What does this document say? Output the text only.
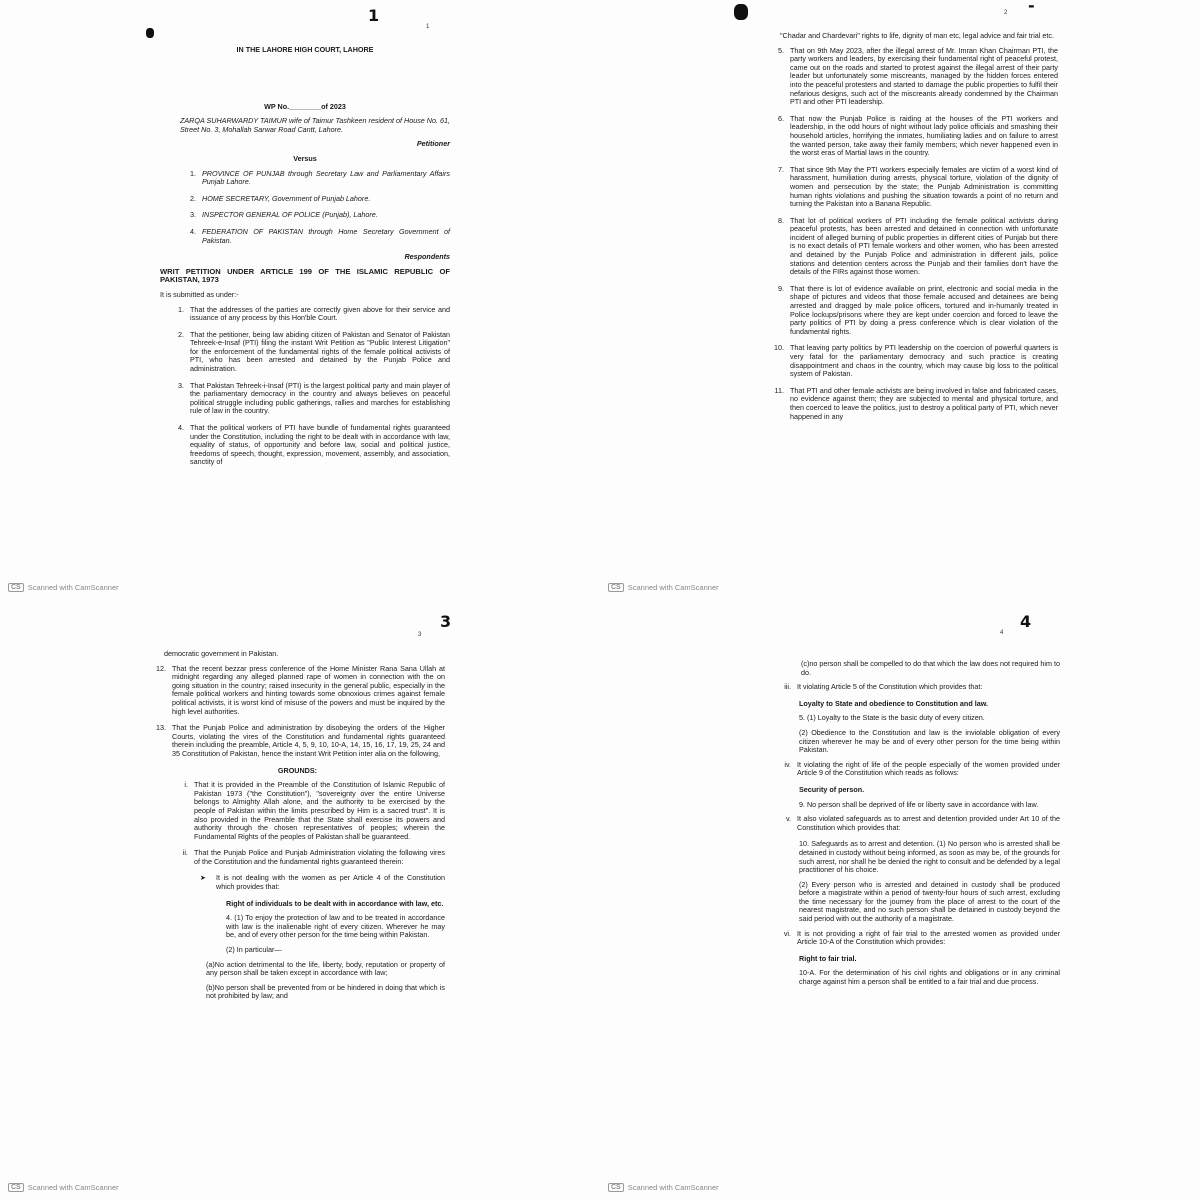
1
1

IN THE LAHORE HIGH COURT, LAHORE

WP No.________of 2023

ZARQA SUHARWARDY TAIMUR wife of Taimur Tashkeen resident of House No. 61, Street No. 3, Mohallah Sarwar Road Cantt, Lahore.

Petitioner

Versus

1. PROVINCE OF PUNJAB through Secretary Law and Parliamentary Affairs Punjab Lahore.
2. HOME SECRETARY, Government of Punjab Lahore.
3. INSPECTOR GENERAL OF POLICE (Punjab), Lahore.
4. FEDERATION OF PAKISTAN through Home Secretary Government of Pakistan.

Respondents

WRIT PETITION UNDER ARTICLE 199 OF THE ISLAMIC REPUBLIC OF PAKISTAN, 1973

It is submitted as under:-

1. That the addresses of the parties are correctly given above for their service and issuance of any process by this Hon'ble Court.
2. That the petitioner, being law abiding citizen of Pakistan and Senator of Pakistan Tehreek-e-Insaf (PTI) filing the instant Writ Petition as "Public Interest Litigation" for the enforcement of the fundamental rights of the female political activists of PTI, who has been arrested and detained by the Punjab Police and administration.
3. That Pakistan Tehreek-i-Insaf (PTI) is the largest political party and main player of the parliamentary democracy in the country and always believes on peaceful political struggle including public gatherings, rallies and marches for establishing rule of law in the country.
4. That the political workers of PTI have bundle of fundamental rights guaranteed under the Constitution, including the right to be dealt with in accordance with law, equality of status, of opportunity and before law, social and political justice, freedoms of speech, thought, expression, movement, assembly, and association, sanctity of
CS Scanned with CamScanner
-
2

"Chadar and Chardevari" rights to life, dignity of man etc, legal advice and fair trial etc.

5. That on 9th May 2023, after the illegal arrest of Mr. Imran Khan Chairman PTI, the party workers and leaders, by exercising their fundamental right of peaceful protest, came out on the roads and started to protest against the illegal arrest of their party leader but unfortunately some miscreants, managed by the hidden forces entered into the peaceful protesters and started to damage the public properties to fulfil their nefarious designs, such act of the miscreants already condemned by the Chairman PTI and other PTI leadership.
6. That now the Punjab Police is raiding at the houses of the PTI workers and leadership, in the odd hours of night without lady police officials and smashing their household articles, horrifying the inmates, humiliating ladies and on failure to arrest the wanted person, take away their family members; which never happened even in the worst eras of Martial laws in the country.
7. That since 9th May the PTI workers especially females are victim of a worst kind of harassment, humiliation during arrests, physical torture, violation of the dignity of women and persecution by the state; the Punjab Administration is committing human rights violations and pushing the situation towards a point of no return and turning the Pakistan into a Banana Republic.
8. That lot of political workers of PTI including the female political activists during peaceful protests, has been arrested and detained in connection with unfortunate incident of alleged burning of public properties in different cities of Punjab but there is no exact details of PTI female workers and other women, who has been arrested and detained by the Punjab Police and administration in different jails, police stations and detention centers across the Punjab and their families don't have the details of the FIRs against those women.
9. That there is lot of evidence available on print, electronic and social media in the shape of pictures and videos that those female accused and detainees are being arrested and dragged by male police officers, tortured and in-humanly treated in Police lockups/prisons where they are kept under coercion and forced to leave the party politics of PTI by doing a press conference which is clear violation of the fundamental rights.
10. That leaving party politics by PTI leadership on the coercion of powerful quarters is very fatal for the parliamentary democracy and such practice is creating disappointment and chaos in the country, which may cause big loss to the political system of Pakistan.
11. That PTI and other female activists are being involved in false and fabricated cases, no evidence against them; they are subjected to mental and physical torture, and then coerced to leave the politics, just to destroy a political party of PTI, which never happened in any
CS Scanned with CamScanner
3
3

democratic government in Pakistan.

12. That the recent bezzar press conference of the Home Minister Rana Sana Ullah at midnight regarding any alleged planned rape of women in connection with the on going situation in the country; raised insecurity in the general public, especially in the female political workers and hinting towards some obnoxious crimes against female political activists, it is worst kind of misuse of the powers and must be inquired by the high level authorities.
13. That the Punjab Police and administration by disobeying the orders of the Higher Courts, violating the vires of the Constitution and fundamental rights guaranteed therein including the preamble, Article 4, 5, 9, 10, 10-A, 14, 15, 16, 17, 19, 25, 24 and 35 Constitution of Pakistan, hence the instant Writ Petition inter alia on the following,

GROUNDS:

i. That it is provided in the Preamble of the Constitution of Islamic Republic of Pakistan 1973 ("the Constitution"), "sovereignty over the entire Universe belongs to Almighty Allah alone, and the authority to be exercised by the people of Pakistan within the limits prescribed by Him is a sacred trust". It is also provided in the Preamble that the State shall exercise its powers and authority through the chosen representatives of peoples; wherein the Fundamental Rights of the peoples of Pakistan shall be guaranteed.
ii. That the Punjab Police and Punjab Administration violating the following vires of the Constitution and the fundamental rights guaranteed therein:
➤	It is not dealing with the women as per Article 4 of the Constitution which provides that:

Right of individuals to be dealt with in accordance with law, etc.

4. (1) To enjoy the protection of law and to be treated in accordance with law is the inalienable right of every citizen. Wherever he may be, and of every other person for the time being within Pakistan.

(2) In particular—

(a)No action detrimental to the life, liberty, body, reputation or property of any person shall be taken except in accordance with law;

(b)No person shall be prevented from or be hindered in doing that which is not prohibited by law; and

CS Scanned with CamScanner
4
4

(c)no person shall be compelled to do that which the law does not required him to do.

iii. It violating Article 5 of the Constitution which provides that:

Loyalty to State and obedience to Constitution and law.

5. (1) Loyalty to the State is the basic duty of every citizen.

(2) Obedience to the Constitution and law is the inviolable obligation of every citizen wherever he may be and of every other person for the time being within Pakistan.

iv. It violating the right of life of the people especially of the women provided under Article 9 of the Constitution which reads as follows:

Security of person.

9. No person shall be deprived of life or liberty save in accordance with law.

v. It also violated safeguards as to arrest and detention provided under Art 10 of the Constitution which provides that:

10. Safeguards as to arrest and detention. (1) No person who is arrested shall be detained in custody without being informed, as soon as may be, of the grounds for such arrest, nor shall he be denied the right to consult and be defended by a legal practitioner of his choice.

(2) Every person who is arrested and detained in custody shall be produced before a magistrate within a period of twenty-four hours of such arrest, excluding the time necessary for the journey from the place of arrest to the court of the nearest magistrate, and no such person shall be detained in custody beyond the said period with out the authority of a magistrate.

vi. It is not providing a right of fair trial to the arrested women as provided under Article 10-A of the Constitution which provides:

Right to fair trial.

10-A. For the determination of his civil rights and obligations or in any criminal charge against him a person shall be entitled to a fair trial and due process.

CS Scanned with CamScanner
